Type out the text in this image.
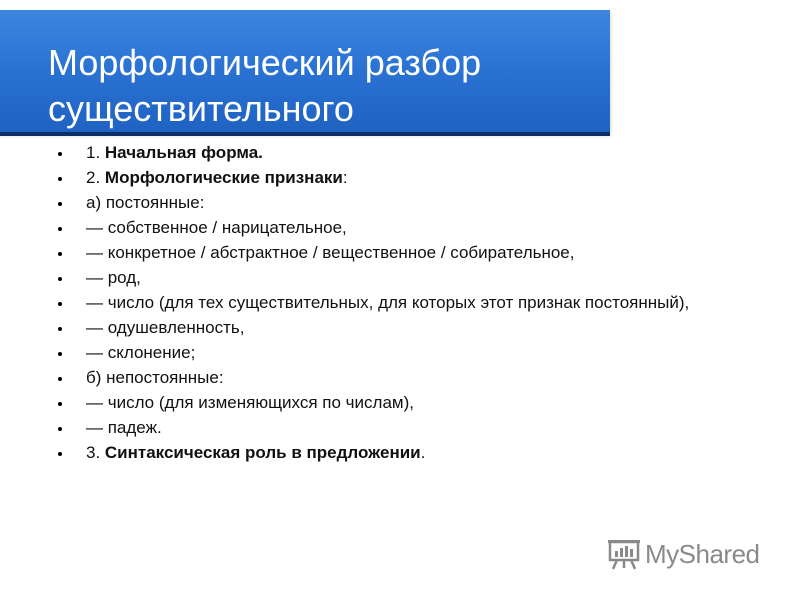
Морфологический разбор
существительного
1. Начальная форма.
2. Морфологические признаки:
а) постоянные:
— собственное / нарицательное,
— конкретное / абстрактное / вещественное / собирательное,
— род,
— число (для тех существительных, для которых этот признак постоянный),
— одушевленность,
— склонение;
б) непостоянные:
— число (для изменяющихся по числам),
— падеж.
3. Синтаксическая роль в предложении.
MyShared
